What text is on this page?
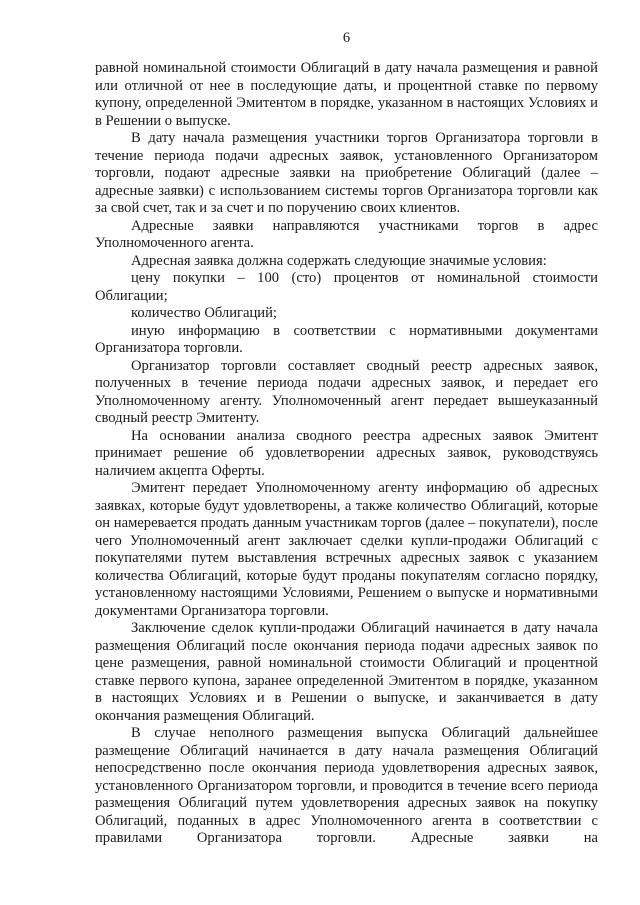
6

равной номинальной стоимости Облигаций в дату начала размещения и равной или отличной от нее в последующие даты, и процентной ставке по первому купону, определенной Эмитентом в порядке, указанном в настоящих Условиях и в Решении о выпуске.

В дату начала размещения участники торгов Организатора торговли в течение периода подачи адресных заявок, установленного Организатором торговли, подают адресные заявки на приобретение Облигаций (далее – адресные заявки) с использованием системы торгов Организатора торговли как за свой счет, так и за счет и по поручению своих клиентов.

Адресные заявки направляются участниками торгов в адрес Уполномоченного агента.

Адресная заявка должна содержать следующие значимые условия:

цену покупки – 100 (сто) процентов от номинальной стоимости Облигации;

количество Облигаций;

иную информацию в соответствии с нормативными документами Организатора торговли.

Организатор торговли составляет сводный реестр адресных заявок, полученных в течение периода подачи адресных заявок, и передает его Уполномоченному агенту. Уполномоченный агент передает вышеуказанный сводный реестр Эмитенту.

На основании анализа сводного реестра адресных заявок Эмитент принимает решение об удовлетворении адресных заявок, руководствуясь наличием акцепта Оферты.

Эмитент передает Уполномоченному агенту информацию об адресных заявках, которые будут удовлетворены, а также количество Облигаций, которые он намеревается продать данным участникам торгов (далее – покупатели), после чего Уполномоченный агент заключает сделки купли-продажи Облигаций с покупателями путем выставления встречных адресных заявок с указанием количества Облигаций, которые будут проданы покупателям согласно порядку, установленному настоящими Условиями, Решением о выпуске и нормативными документами Организатора торговли.

Заключение сделок купли-продажи Облигаций начинается в дату начала размещения Облигаций после окончания периода подачи адресных заявок по цене размещения, равной номинальной стоимости Облигаций и процентной ставке первого купона, заранее определенной Эмитентом в порядке, указанном в настоящих Условиях и в Решении о выпуске, и заканчивается в дату окончания размещения Облигаций.

В случае неполного размещения выпуска Облигаций дальнейшее размещение Облигаций начинается в дату начала размещения Облигаций непосредственно после окончания периода удовлетворения адресных заявок, установленного Организатором торговли, и проводится в течение всего периода размещения Облигаций путем удовлетворения адресных заявок на покупку Облигаций, поданных в адрес Уполномоченного агента в соответствии с правилами Организатора торговли. Адресные заявки на
